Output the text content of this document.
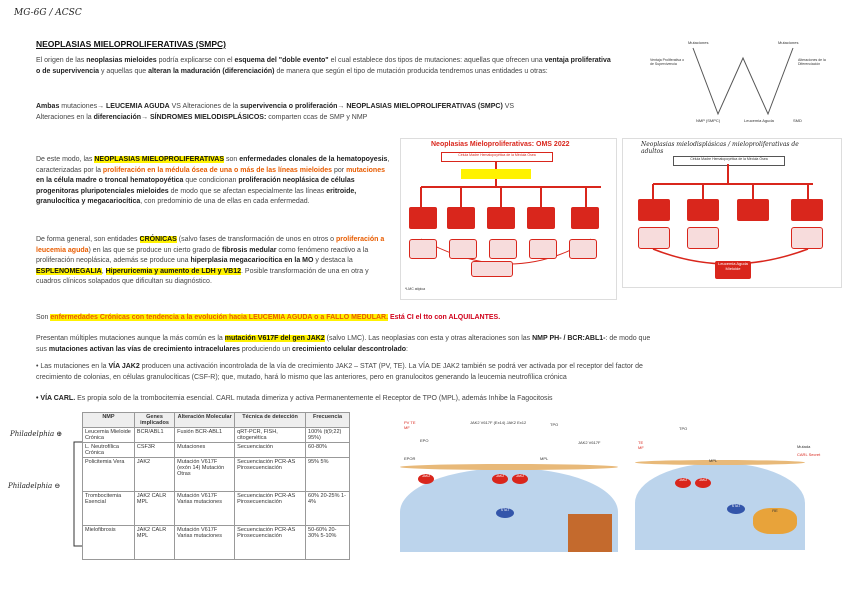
MG-6G / ACSC
NEOPLASIAS MIELOPROLIFERATIVAS (SMPC)
El origen de las neoplasias mieloides podría explicarse con el esquema del "doble evento" el cual establece dos tipos de mutaciones: aquellas que ofrecen una ventaja proliferativa o de supervivencia y aquellas que alteran la maduración (diferenciación) de manera que según el tipo de mutación producida tendremos unas entidades u otras:
Ambas mutaciones→ LEUCEMIA AGUDA VS Alteraciones de la supervivencia o proliferación→ NEOPLASIAS MIELOPROLIFERATIVAS (SMPC) VS
Alteraciones en la diferenciación→ SÍNDROMES MIELODISPLÁSICOS: comparten ccas de SMP y NMP
Mutaciones	Mutaciones
Ventaja Proliferativa o de Supervivencia
Alteraciones de la Diferenciación
NMP (SMPC)	Leucemia Aguda	SMD
De este modo, las NEOPLASIAS MIELOPROLIFERATIVAS son enfermedades clonales de la hematopoyesis, caracterizadas por la proliferación en la médula ósea de una o más de las líneas mieloides por mutaciones en la célula madre o troncal hematopoyética que condicionan proliferación neoplásica de células progenitoras pluripotenciales mieloides de modo que se afectan especialmente las líneas eritroide, granulocítica y megacariocítica, con predominio de una de ellas en cada enfermedad.
De forma general, son entidades CRÓNICAS (salvo fases de transformación de unos en otros o proliferación a leucemia aguda) en las que se produce un cierto grado de fibrosis medular como fenómeno reactivo a la proliferación neoplásica, además se produce una hiperplasia megacariocítica en la MO y destaca la ESPLENOMEGALIA, Hiperuricemia y aumento de LDH y VB12. Posible transformación de una en otra y cuadros clínicos solapados que dificultan su diagnóstico.
Neoplasias Mieloproliferativas: OMS 2022
Célula Madre Hematopoyética de la Médula Ósea
*LMC atípica
Neoplasias mielodisplásicas / mieloproliferativas de adultos
Célula Madre Hematopoyética de la Médula Ósea
Leucemia Aguda Mieloide
Son enfermedades Crónicas con tendencia a la evolución hacia LEUCEMIA AGUDA o a FALLO MEDULAR. Está CI el tto con ALQUILANTES.
Presentan múltiples mutaciones aunque la más común es la mutación V617F del gen JAK2 (salvo LMC). Las neoplasias con esta y otras alteraciones son las NMP PH- / BCR:ABL1-: de modo que
sus mutaciones activan las vías de crecimiento intracelulares produciendo un crecimiento celular descontrolado:
• Las mutaciones en la VÍA JAK2 producen una activación incontrolada de la vía de crecimiento JAK2 – STAT (PV, TE). La VÍA DE JAK2 también se podrá ver activada por el receptor del factor de
crecimiento de colonias, en células granulocíticas (CSF-R); que, mutado, hará lo mismo que las anteriores, pero en granulocitos generando la leucemia neutrofílica crónica
• VÍA CARL. Es propia solo de la trombocitemia esencial. CARL mutada dimeriza y activa Permanentemente el Receptor de TPO (MPL), además Inhibe la Fagocitosis
Philadelphia ⊕
Philadelphia ⊖
NMP	Genes implicados	Alteración Molecular	Técnica de detección	Frecuencia
Leucemia Mieloide Crónica	BCR/ABL1	Fusión BCR-ABL1	qRT-PCR, FISH, citogenética	100% (t(9;22) 95%)
L. Neutrofílica Crónica	CSF3R	Mutaciones	Secuenciación	60-80%
Policitemia Vera	JAK2	Mutación V617F (exón 14) Mutación Otras	Secuenciación PCR-AS Pirosecuenciación	95% 5%
Trombocitemia Esencial	JAK2 CALR MPL	Mutación V617F Varias mutaciones	Secuenciación PCR-AS Pirosecuenciación	60% 20-25% 1-4%
Mielofibrosis	JAK2 CALR MPL	Mutación V617F Varias mutaciones	Secuenciación PCR-AS Pirosecuenciación	50-60% 20-30% 5-10%
PV TE MF
JAK2 V617F (Ex14) JAK2 Ex12	TPO
JAK2 V617F
EPO
EPOR	MPL
JAK2	JAK2	JAK2
STAT
TE MF
TPO
MPL
Mutada
CARL Secret
JAK2	JAK2
STAT
RE
